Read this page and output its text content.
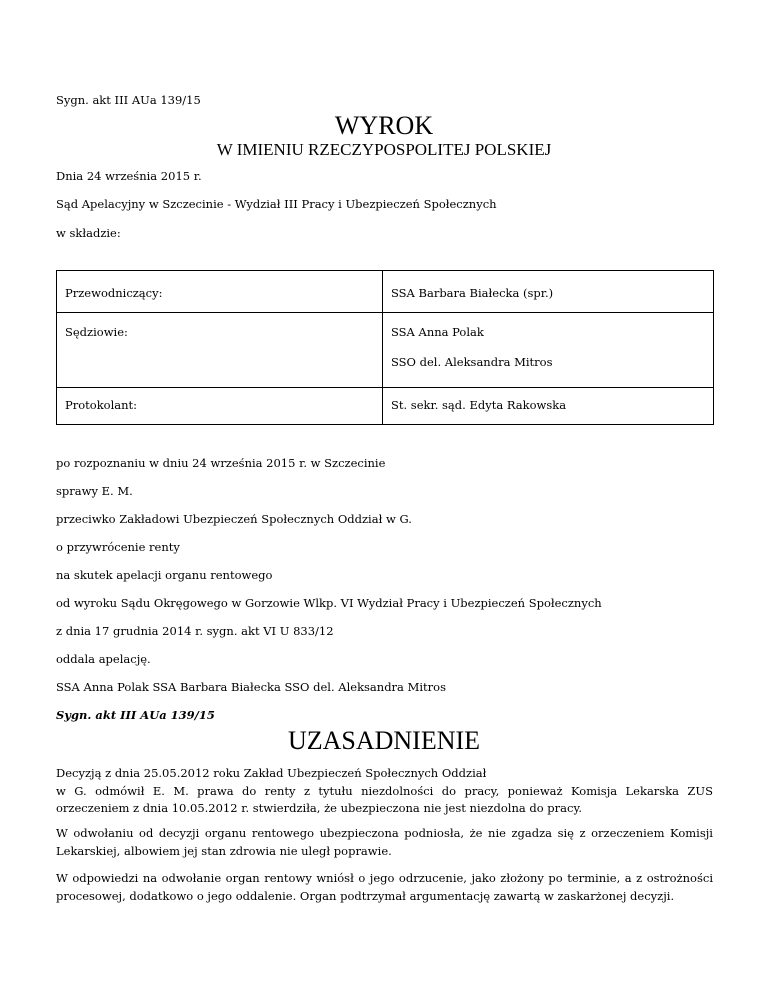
Sygn. akt III AUa 139/15
WYROK
W IMIENIU RZECZYPOSPOLITEJ POLSKIEJ
Dnia 24 września 2015 r.
Sąd Apelacyjny w Szczecinie - Wydział III Pracy i Ubezpieczeń Społecznych
w składzie:
Przewodniczący:	SSA Barbara Białecka (spr.)

Sędziowie:	SSA Anna Polak
SSO del. Aleksandra Mitros

Protokolant:	St. sekr. sąd. Edyta Rakowska
po rozpoznaniu w dniu 24 września 2015 r. w Szczecinie
sprawy E. M.
przeciwko Zakładowi Ubezpieczeń Społecznych Oddział w G.
o przywrócenie renty
na skutek apelacji organu rentowego
od wyroku Sądu Okręgowego w Gorzowie Wlkp. VI Wydział Pracy i Ubezpieczeń Społecznych
z dnia 17 grudnia 2014 r. sygn. akt VI U 833/12
oddala apelację.
SSA Anna Polak SSA Barbara Białecka SSO del. Aleksandra Mitros
Sygn. akt III AUa 139/15
UZASADNIENIE
Decyzją z dnia 25.05.2012 roku Zakład Ubezpieczeń Społecznych Oddział
w G. odmówił E. M. prawa do renty z tytułu niezdolności do pracy, ponieważ Komisja Lekarska ZUS orzeczeniem z dnia 10.05.2012 r. stwierdziła, że ubezpieczona nie jest niezdolna do pracy.
W odwołaniu od decyzji organu rentowego ubezpieczona podniosła, że nie zgadza się z orzeczeniem Komisji Lekarskiej, albowiem jej stan zdrowia nie uległ poprawie.
W odpowiedzi na odwołanie organ rentowy wniósł o jego odrzucenie, jako złożony po terminie, a z ostrożności procesowej, dodatkowo o jego oddalenie. Organ podtrzymał argumentację zawartą w zaskarżonej decyzji.
